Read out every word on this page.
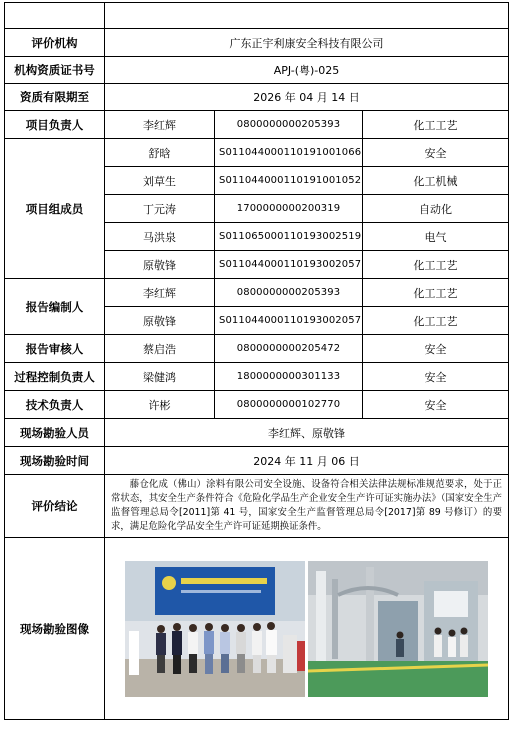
评价机构	广东正宇利康安全科技有限公司		
机构资质证书号	APJ-(粤)-025		
资质有限期至	2026 年 04 月 14 日		
项目负责人	李红辉	0800000000205393	化工工艺
项目组成员	舒晗	S011044000110191001066	安全
	刘草生	S011044000110191001052	化工机械
	丁元涛	1700000000200319	自动化
	马洪泉	S011065000110193002519	电气
	原敬锋	S011044000110193002057	化工工艺
报告编制人	李红辉	0800000000205393	化工工艺
	原敬锋	S011044000110193002057	化工工艺
报告审核人	蔡启浩	0800000000205472	安全
过程控制负责人	梁健鸿	1800000000301133	安全
技术负责人	许彬	0800000000102770	安全
现场勘验人员	李红辉、原敬锋		
现场勘验时间	2024 年 11 月 06 日		
评价结论	藤仓化成（佛山）涂料有限公司安全设施、设备符合相关法律法规标准规范要求，处于正常状态，其安全生产条件符合《危险化学品生产企业安全生产许可证实施办法》（国家安全生产监督管理总局令[2011]第 41 号，国家安全生产监督管理总局令[2017]第 89 号修订）的要求，满足危险化学品安全生产许可证延期换证条件。		
现场勘验图像	
